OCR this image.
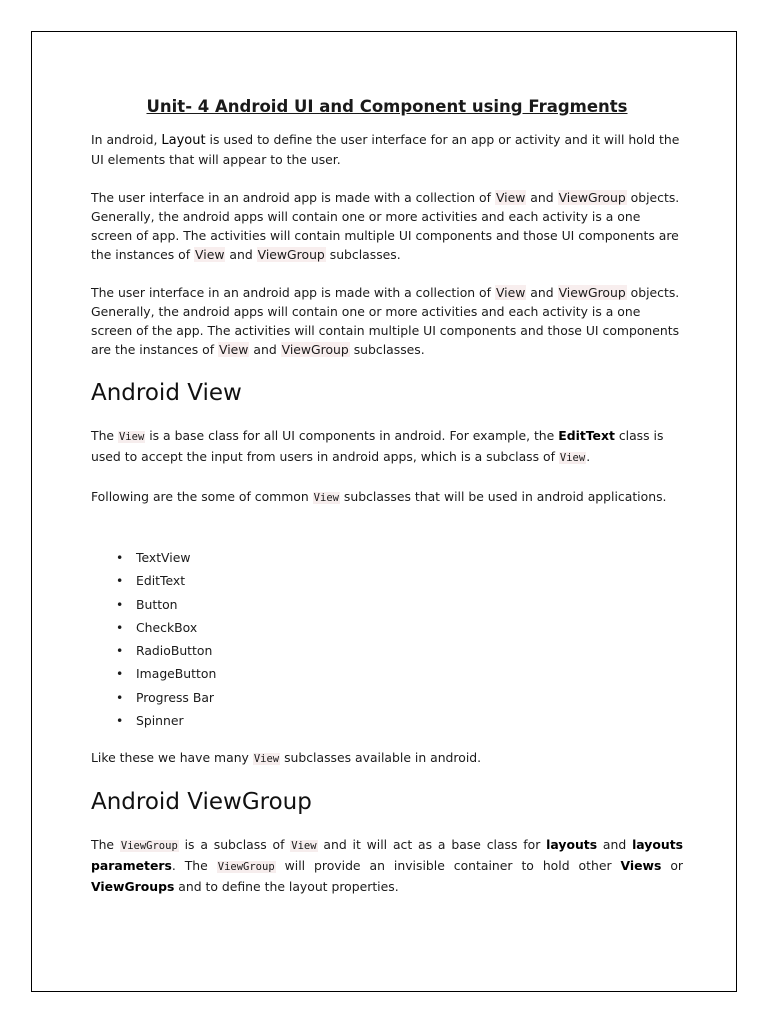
Unit- 4 Android UI and Component using Fragments

In android, Layout is used to define the user interface for an app or activity and it will hold the UI elements that will appear to the user.

The user interface in an android app is made with a collection of View and ViewGroup objects. Generally, the android apps will contain one or more activities and each activity is a one screen of app. The activities will contain multiple UI components and those UI components are the instances of View and ViewGroup subclasses.

The user interface in an android app is made with a collection of View and ViewGroup objects. Generally, the android apps will contain one or more activities and each activity is a one screen of the app. The activities will contain multiple UI components and those UI components are the instances of View and ViewGroup subclasses.

Android View

The View is a base class for all UI components in android. For example, the EditText class is used to accept the input from users in android apps, which is a subclass of View.

Following are the some of common View subclasses that will be used in android applications.

• TextView
• EditText
• Button
• CheckBox
• RadioButton
• ImageButton
• Progress Bar
• Spinner

Like these we have many View subclasses available in android.

Android ViewGroup

The ViewGroup is a subclass of View and it will act as a base class for layouts and layouts parameters. The ViewGroup will provide an invisible container to hold other Views or ViewGroups and to define the layout properties.
